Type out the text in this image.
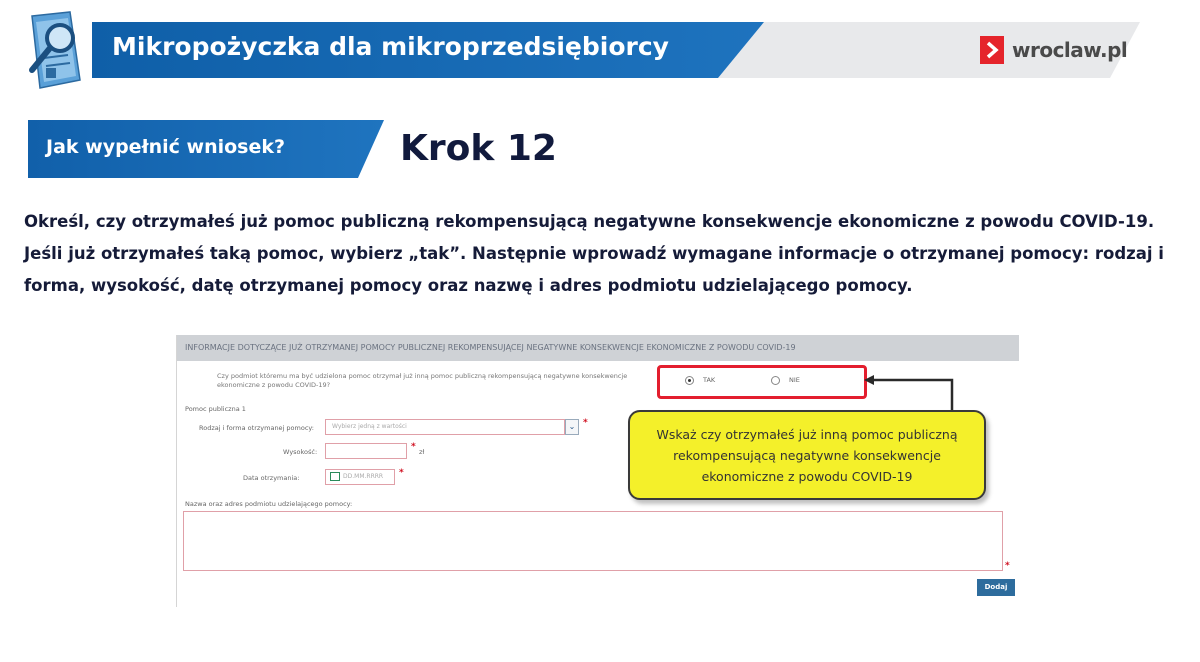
Mikropożyczka dla mikroprzedsiębiorcy	wroclaw.pl
Jak wypełnić wniosek?	Krok 12
Określ, czy otrzymałeś już pomoc publiczną rekompensującą negatywne konsekwencje ekonomiczne z powodu COVID-19. Jeśli już otrzymałeś taką pomoc, wybierz „tak”. Następnie wprowadź wymagane informacje o otrzymanej pomocy: rodzaj i forma, wysokość, datę otrzymanej pomocy oraz nazwę i adres podmiotu udzielającego pomocy.
INFORMACJE DOTYCZĄCE JUŻ OTRZYMANEJ POMOCY PUBLICZNEJ REKOMPENSUJĄCEJ NEGATYWNE KONSEKWENCJE EKONOMICZNE Z POWODU COVID-19
Czy podmiot któremu ma być udzielona pomoc otrzymał już inną pomoc publiczną rekompensującą negatywne konsekwencje ekonomiczne z powodu COVID-19?
TAK	NIE
Pomoc publiczna 1
Rodzaj i forma otrzymanej pomocy:	Wybierz jedną z wartości	⌄ *
Wysokość:	* zł
Data otrzymania:	DD.MM.RRRR	*
Nazwa oraz adres podmiotu udzielającego pomocy:
*
Dodaj
Wskaż czy otrzymałeś już inną pomoc publiczną rekompensującą negatywne konsekwencje ekonomiczne z powodu COVID-19
